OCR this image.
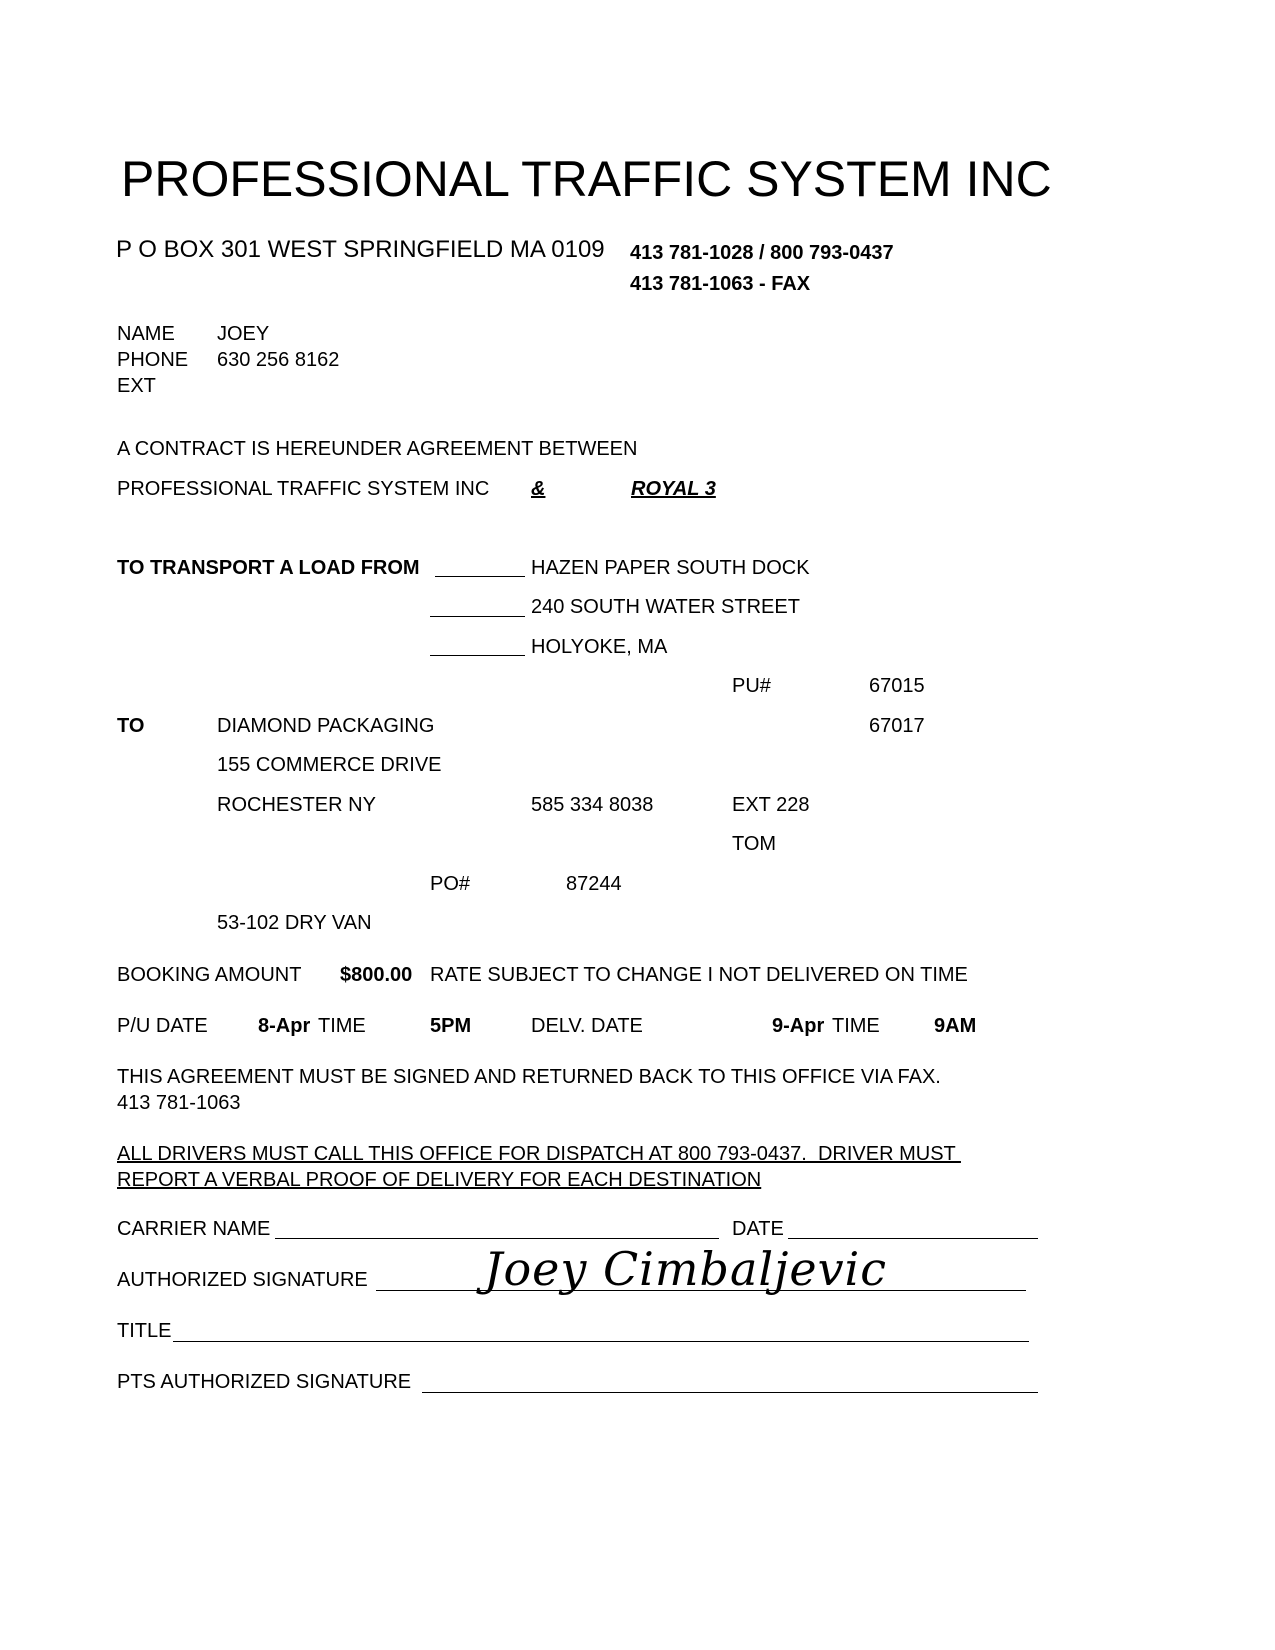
PROFESSIONAL TRAFFIC SYSTEM INC
P O BOX 301 WEST SPRINGFIELD MA 0109 413 781-1028 / 800 793-0437
413 781-1063 - FAX
NAME JOEY
PHONE 630 256 8162
EXT
A CONTRACT IS HEREUNDER AGREEMENT BETWEEN
PROFESSIONAL TRAFFIC SYSTEM INC &	ROYAL 3
TO TRANSPORT A LOAD FROM	HAZEN PAPER SOUTH DOCK
240 SOUTH WATER STREET
HOLYOKE, MA
PU#	67015
TO	DIAMOND PACKAGING	67017
155 COMMERCE DRIVE
ROCHESTER NY	585 334 8038	EXT 228
TOM
PO#	87244
53-102 DRY VAN
BOOKING AMOUNT $800.00 RATE SUBJECT TO CHANGE I NOT DELIVERED ON TIME
P/U DATE	8-Apr TIME	5PM	DELV. DATE	9-Apr TIME	9AM
THIS AGREEMENT MUST BE SIGNED AND RETURNED BACK TO THIS OFFICE VIA FAX.
413 781-1063
ALL DRIVERS MUST CALL THIS OFFICE FOR DISPATCH AT 800 793-0437.  DRIVER MUST
REPORT A VERBAL PROOF OF DELIVERY FOR EACH DESTINATION
CARRIER NAME	DATE
AUTHORIZED SIGNATURE	Joey Cimbaljevic
TITLE
PTS AUTHORIZED SIGNATURE
